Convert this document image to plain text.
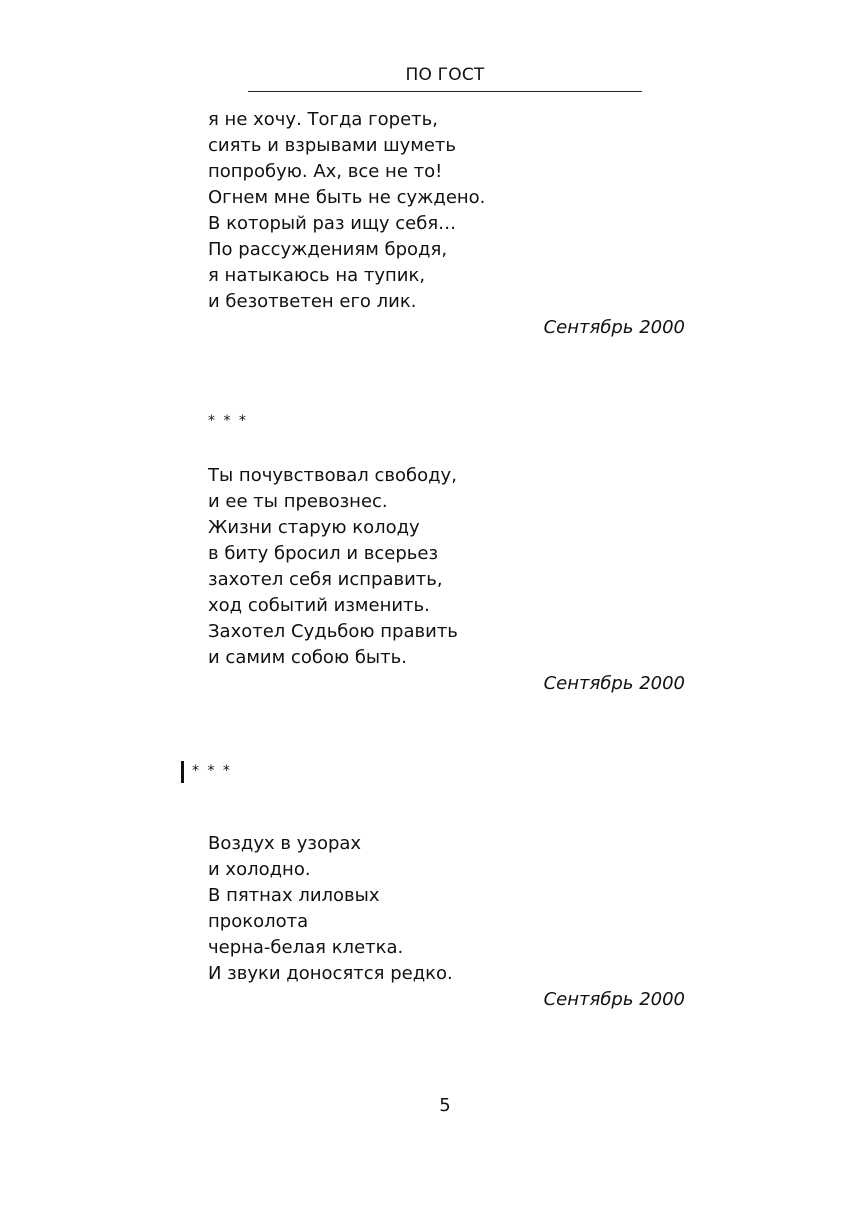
ПО ГОСТ
я не хочу. Тогда гореть,
сиять и взрывами шуметь
попробую. Ах, все не то!
Огнем мне быть не суждено.
В который раз ищу себя…
По рассуждениям бродя,
я натыкаюсь на тупик,
и безответен его лик.
Сентябрь 2000
* * *
Ты почувствовал свободу,
и ее ты превознес.
Жизни старую колоду
в биту бросил и всерьез
захотел себя исправить,
ход событий изменить.
Захотел Судьбою править
и самим собою быть.
Сентябрь 2000
* * *
Воздух в узорах
и холодно.
В пятнах лиловых
проколота
черна-белая клетка.
И звуки доносятся редко.
Сентябрь 2000
5
